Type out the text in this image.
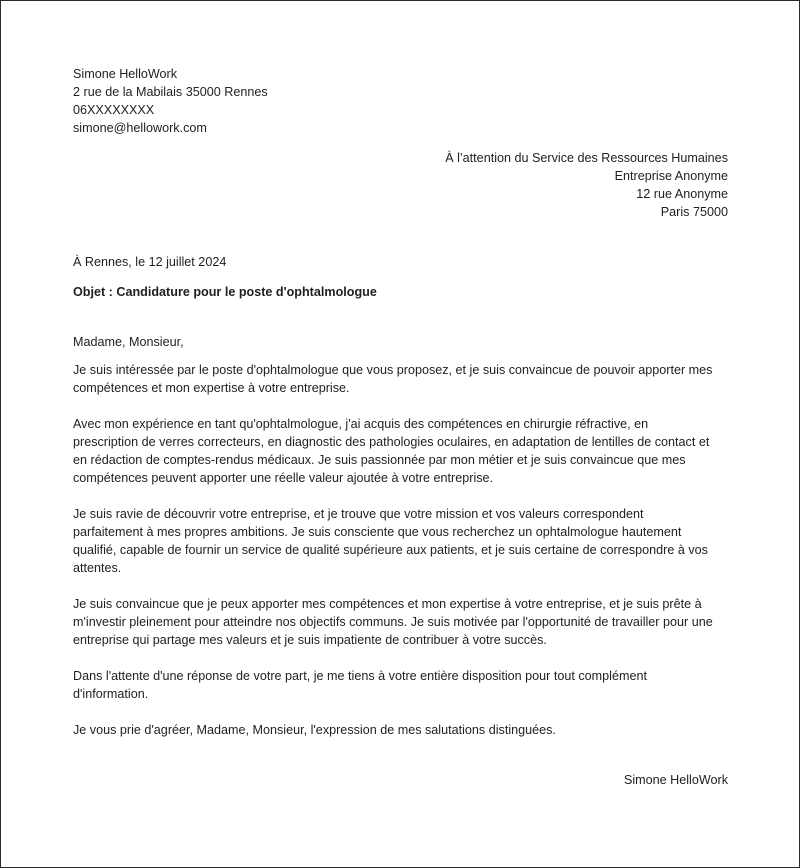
Simone HelloWork
2 rue de la Mabilais 35000 Rennes
06XXXXXXXX
simone@hellowork.com
À l’attention du Service des Ressources Humaines
Entreprise Anonyme
12 rue Anonyme
Paris 75000
À Rennes, le 12 juillet 2024
Objet : Candidature pour le poste d'ophtalmologue
Madame, Monsieur,
Je suis intéressée par le poste d'ophtalmologue que vous proposez, et je suis convaincue de pouvoir apporter mes
compétences et mon expertise à votre entreprise.
Avec mon expérience en tant qu'ophtalmologue, j'ai acquis des compétences en chirurgie réfractive, en
prescription de verres correcteurs, en diagnostic des pathologies oculaires, en adaptation de lentilles de contact et
en rédaction de comptes-rendus médicaux. Je suis passionnée par mon métier et je suis convaincue que mes
compétences peuvent apporter une réelle valeur ajoutée à votre entreprise.
Je suis ravie de découvrir votre entreprise, et je trouve que votre mission et vos valeurs correspondent
parfaitement à mes propres ambitions. Je suis consciente que vous recherchez un ophtalmologue hautement
qualifié, capable de fournir un service de qualité supérieure aux patients, et je suis certaine de correspondre à vos
attentes.
Je suis convaincue que je peux apporter mes compétences et mon expertise à votre entreprise, et je suis prête à
m'investir pleinement pour atteindre nos objectifs communs. Je suis motivée par l'opportunité de travailler pour une
entreprise qui partage mes valeurs et je suis impatiente de contribuer à votre succès.
Dans l'attente d'une réponse de votre part, je me tiens à votre entière disposition pour tout complément
d'information.
Je vous prie d'agréer, Madame, Monsieur, l'expression de mes salutations distinguées.
Simone HelloWork
